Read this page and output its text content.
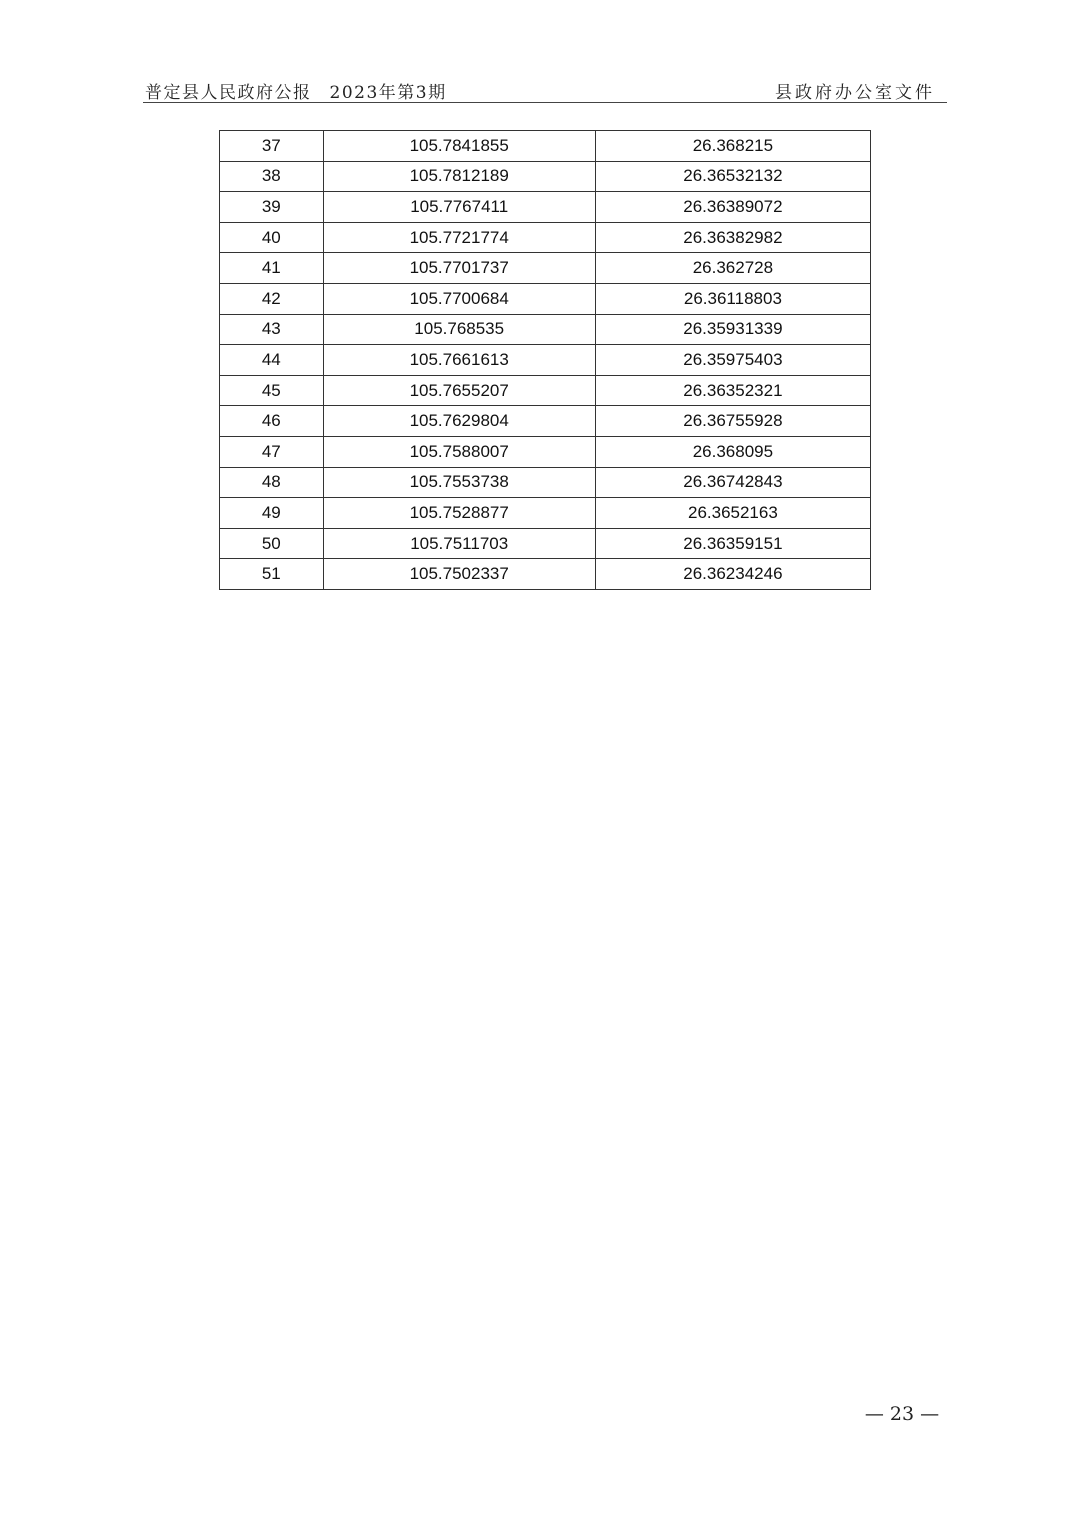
普定县人民政府公报 2023年第3期	县政府办公室文件
37	105.7841855	26.368215
38	105.7812189	26.36532132
39	105.7767411	26.36389072
40	105.7721774	26.36382982
41	105.7701737	26.362728
42	105.7700684	26.36118803
43	105.768535	26.35931339
44	105.7661613	26.35975403
45	105.7655207	26.36352321
46	105.7629804	26.36755928
47	105.7588007	26.368095
48	105.7553738	26.36742843
49	105.7528877	26.3652163
50	105.7511703	26.36359151
51	105.7502337	26.36234246
— 23 —
